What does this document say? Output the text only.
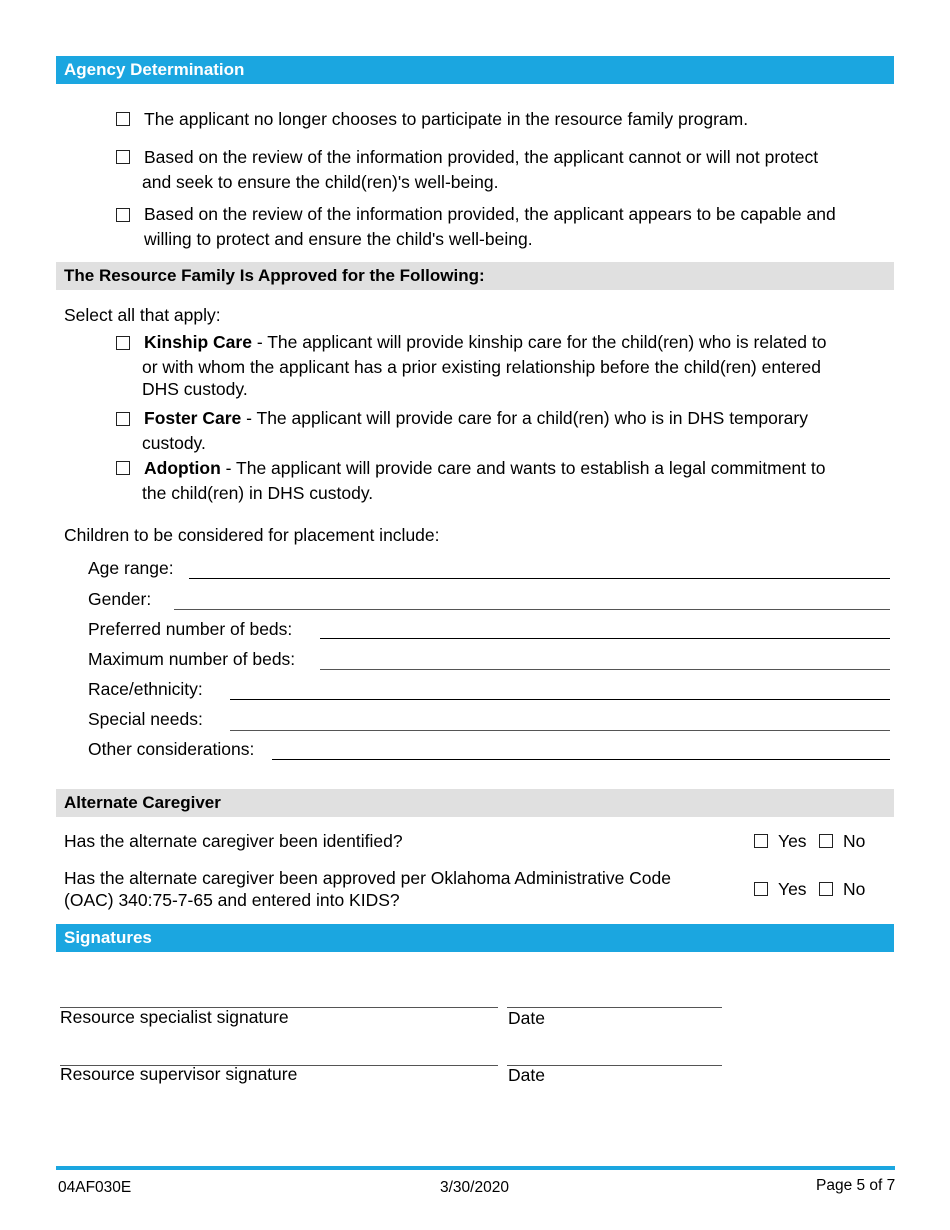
Agency Determination
The applicant no longer chooses to participate in the resource family program.
Based on the review of the information provided, the applicant cannot or will not protect
and seek to ensure the child(ren)'s well-being.
Based on the review of the information provided, the applicant appears to be capable and
willing to protect and ensure the child's well-being.
The Resource Family Is Approved for the Following:
Select all that apply:
Kinship Care - The applicant will provide kinship care for the child(ren) who is related to
or with whom the applicant has a prior existing relationship before the child(ren) entered
DHS custody.
Foster Care - The applicant will provide care for a child(ren) who is in DHS temporary
custody.
Adoption - The applicant will provide care and wants to establish a legal commitment to
the child(ren) in DHS custody.
Children to be considered for placement include:
Age range:
Gender:
Preferred number of beds:
Maximum number of beds:
Race/ethnicity:
Special needs:
Other considerations:
Alternate Caregiver
Has the alternate caregiver been identified?	Yes No
Has the alternate caregiver been approved per Oklahoma Administrative Code
(OAC) 340:75-7-65 and entered into KIDS?
Yes No
Signatures
Resource specialist signature	Date
Resource supervisor signature	Date
04AF030E	3/30/2020	Page 5 of 7
